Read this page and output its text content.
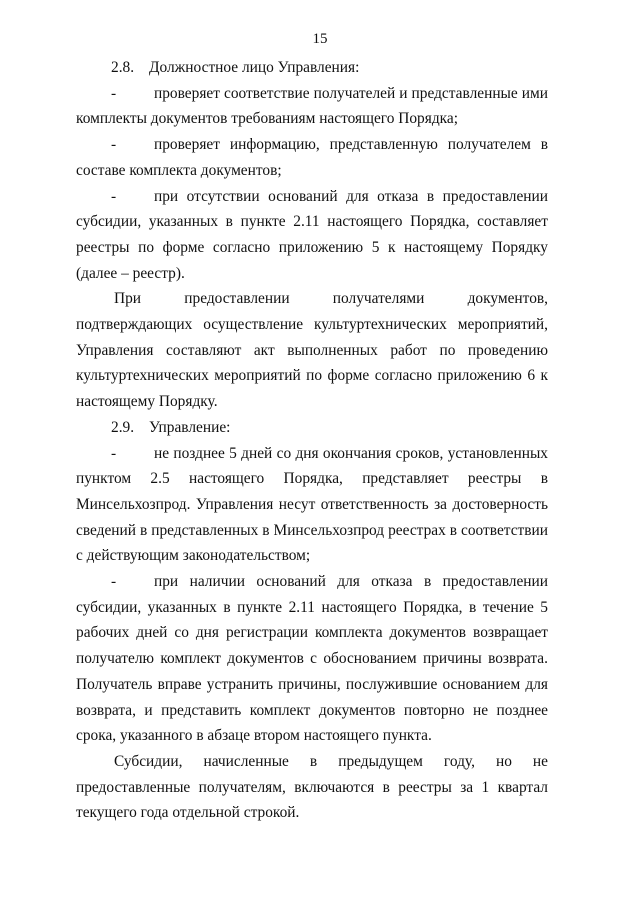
15

2.8. Должностное лицо Управления:

- проверяет соответствие получателей и представленные ими комплекты документов требованиям настоящего Порядка;

- проверяет информацию, представленную получателем в составе комплекта документов;

- при отсутствии оснований для отказа в предоставлении субсидии, указанных в пункте 2.11 настоящего Порядка, составляет реестры по форме согласно приложению 5 к настоящему Порядку (далее – реестр).

При предоставлении получателями документов, подтверждающих осуществление культуртехнических мероприятий, Управления составляют акт выполненных работ по проведению культуртехнических мероприятий по форме согласно приложению 6 к настоящему Порядку.

2.9. Управление:

- не позднее 5 дней со дня окончания сроков, установленных пунктом 2.5 настоящего Порядка, представляет реестры в Минсельхозпрод. Управления несут ответственность за достоверность сведений в представленных в Минсельхозпрод реестрах в соответствии с действующим законодательством;

- при наличии оснований для отказа в предоставлении субсидии, указанных в пункте 2.11 настоящего Порядка, в течение 5 рабочих дней со дня регистрации комплекта документов возвращает получателю комплект документов с обоснованием причины возврата. Получатель вправе устранить причины, послужившие основанием для возврата, и представить комплект документов повторно не позднее срока, указанного в абзаце втором настоящего пункта.

Субсидии, начисленные в предыдущем году, но не предоставленные получателям, включаются в реестры за 1 квартал текущего года отдельной строкой.
